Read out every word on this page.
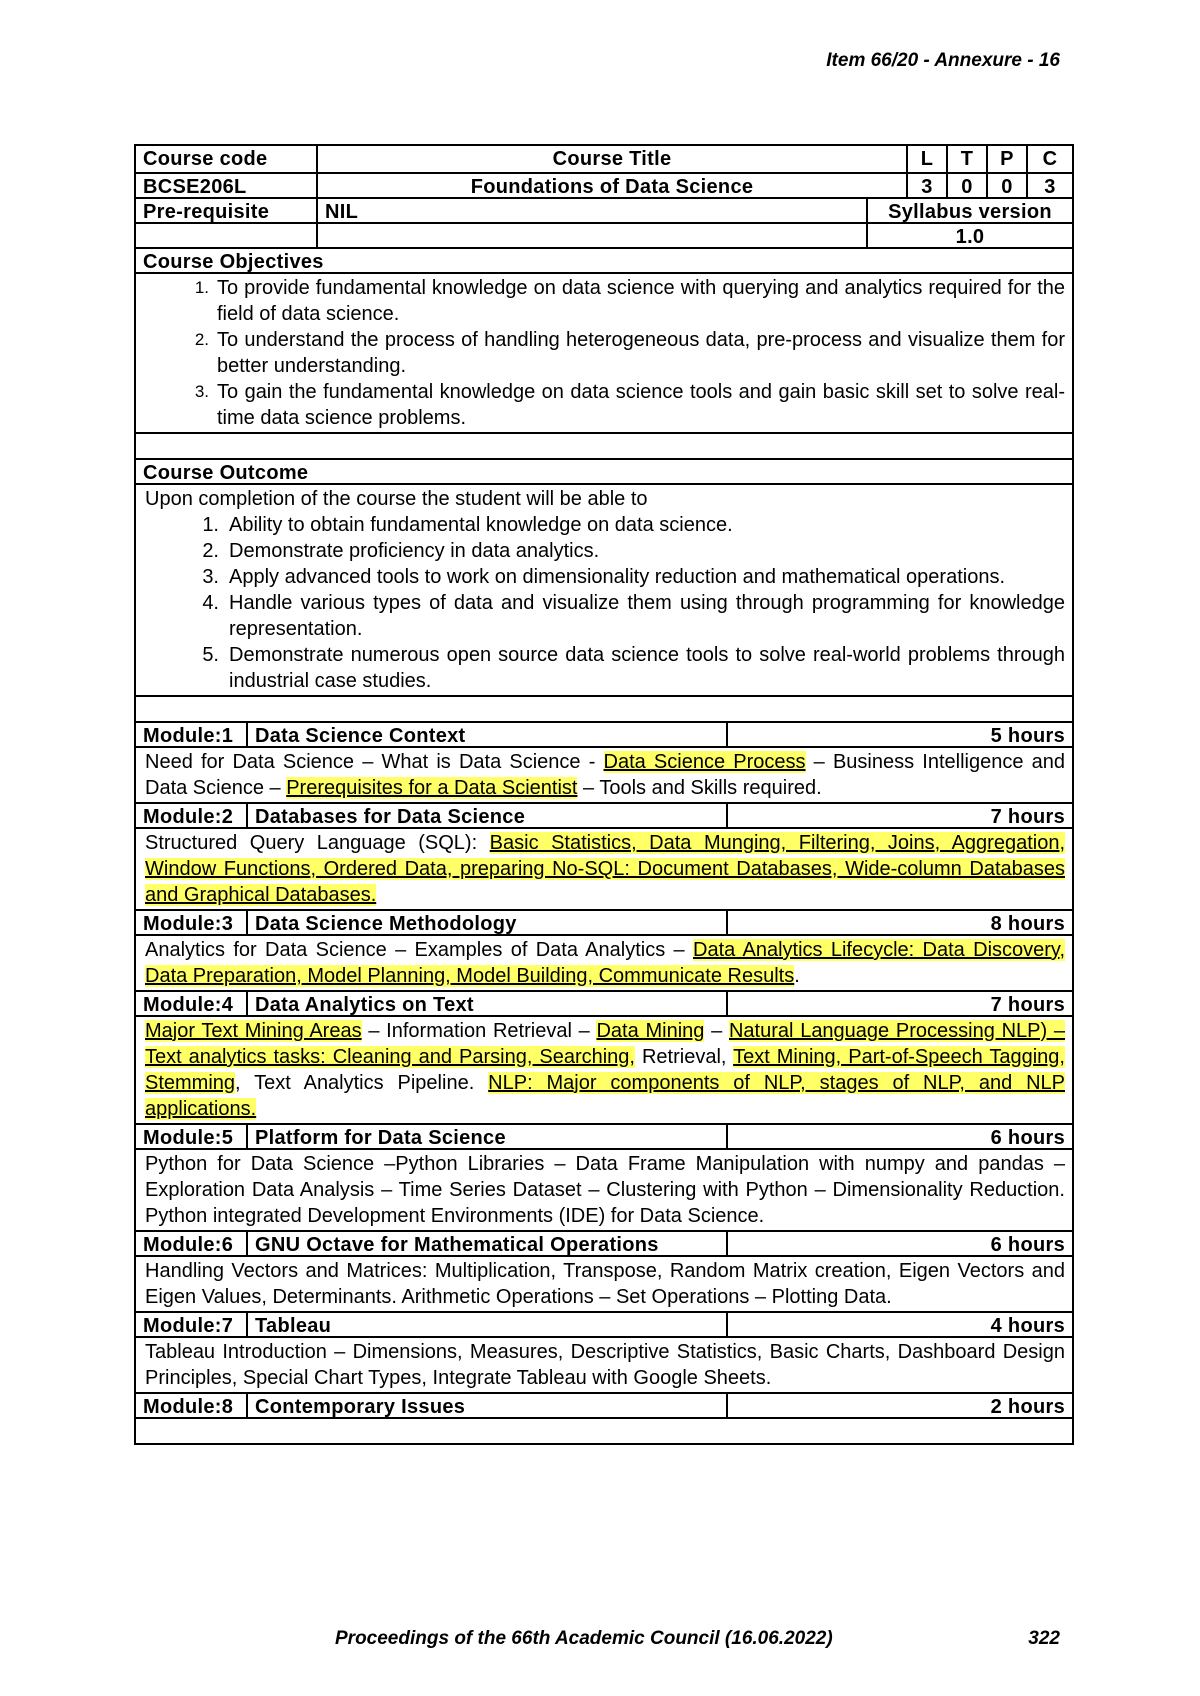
Item 66/20 - Annexure - 16
Course code	Course Title	L	T	P	C
BCSE206L	Foundations of Data Science	3	0	0	3
Pre-requisite	NIL	Syllabus version
1.0
Course Objectives
1. To provide fundamental knowledge on data science with querying and analytics required for the field of data science.
2. To understand the process of handling heterogeneous data, pre-process and visualize them for better understanding.
3. To gain the fundamental knowledge on data science tools and gain basic skill set to solve real-time data science problems.
Course Outcome
Upon completion of the course the student will be able to
1. Ability to obtain fundamental knowledge on data science.
2. Demonstrate proficiency in data analytics.
3. Apply advanced tools to work on dimensionality reduction and mathematical operations.
4. Handle various types of data and visualize them using through programming for knowledge representation.
5. Demonstrate numerous open source data science tools to solve real-world problems through industrial case studies.
Module:1	Data Science Context	5 hours
Need for Data Science – What is Data Science - Data Science Process – Business Intelligence and Data Science – Prerequisites for a Data Scientist – Tools and Skills required.
Module:2	Databases for Data Science	7 hours
Structured Query Language (SQL): Basic Statistics, Data Munging, Filtering, Joins, Aggregation, Window Functions, Ordered Data, preparing No-SQL: Document Databases, Wide-column Databases and Graphical Databases.
Module:3	Data Science Methodology	8 hours
Analytics for Data Science – Examples of Data Analytics – Data Analytics Lifecycle: Data Discovery, Data Preparation, Model Planning, Model Building, Communicate Results.
Module:4	Data Analytics on Text	7 hours
Major Text Mining Areas – Information Retrieval – Data Mining – Natural Language Processing NLP) – Text analytics tasks: Cleaning and Parsing, Searching, Retrieval, Text Mining, Part-of-Speech Tagging, Stemming, Text Analytics Pipeline. NLP: Major components of NLP, stages of NLP, and NLP applications.
Module:5	Platform for Data Science	6 hours
Python for Data Science –Python Libraries – Data Frame Manipulation with numpy and pandas – Exploration Data Analysis – Time Series Dataset – Clustering with Python – Dimensionality Reduction. Python integrated Development Environments (IDE) for Data Science.
Module:6	GNU Octave for Mathematical Operations	6 hours
Handling Vectors and Matrices: Multiplication, Transpose, Random Matrix creation, Eigen Vectors and Eigen Values, Determinants. Arithmetic Operations – Set Operations – Plotting Data.
Module:7	Tableau	4 hours
Tableau Introduction – Dimensions, Measures, Descriptive Statistics, Basic Charts, Dashboard Design Principles, Special Chart Types, Integrate Tableau with Google Sheets.
Module:8	Contemporary Issues	2 hours
Proceedings of the 66th Academic Council (16.06.2022)	322
